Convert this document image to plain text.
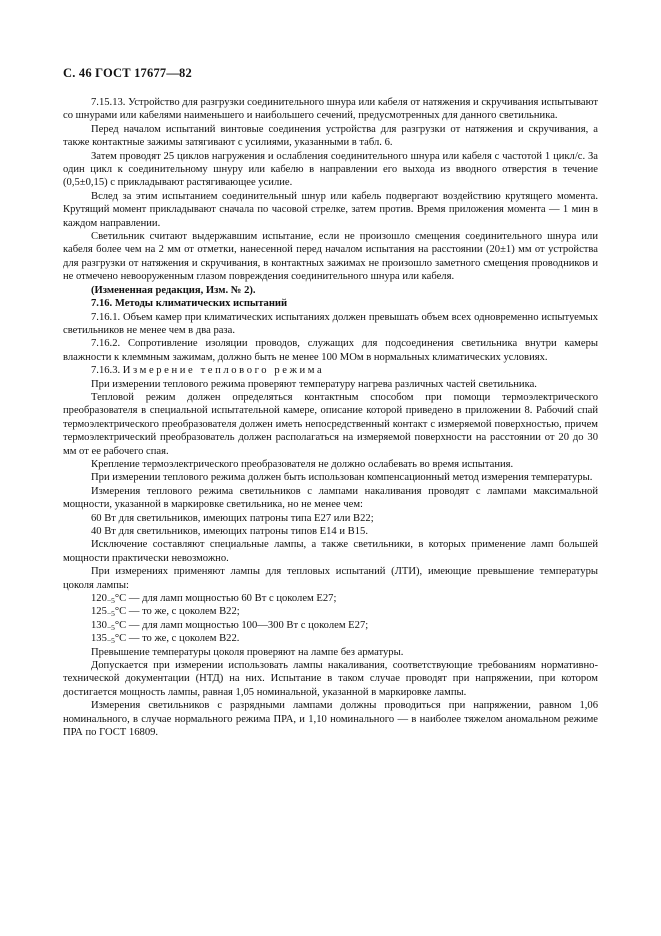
С. 46 ГОСТ 17677—82

7.15.13. Устройство для разгрузки соединительного шнура или кабеля от натяжения и скручивания испытывают со шнурами или кабелями наименьшего и наибольшего сечений, предусмотренных для данного светильника.

Перед началом испытаний винтовые соединения устройства для разгрузки от натяжения и скручивания, а также контактные зажимы затягивают с усилиями, указанными в табл. 6.

Затем проводят 25 циклов нагружения и ослабления соединительного шнура или кабеля с частотой 1 цикл/с. За один цикл к соединительному шнуру или кабелю в направлении его выхода из вводного отверстия в течение (0,5±0,15) с прикладывают растягивающее усилие.

Вслед за этим испытанием соединительный шнур или кабель подвергают воздействию крутящего момента. Крутящий момент прикладывают сначала по часовой стрелке, затем против. Время приложения момента — 1 мин в каждом направлении.

Светильник считают выдержавшим испытание, если не произошло смещения соединительного шнура или кабеля более чем на 2 мм от отметки, нанесенной перед началом испытания на расстоянии (20±1) мм от устройства для разгрузки от натяжения и скручивания, в контактных зажимах не произошло заметного смещения проводников и не отмечено невооруженным глазом повреждения соединительного шнура или кабеля.

(Измененная редакция, Изм. № 2).

7.16. Методы климатических испытаний

7.16.1. Объем камер при климатических испытаниях должен превышать объем всех одновременно испытуемых светильников не менее чем в два раза.

7.16.2. Сопротивление изоляции проводов, служащих для подсоединения светильника внутри камеры влажности к клеммным зажимам, должно быть не менее 100 МОм в нормальных климатических условиях.

7.16.3. Измерение теплового режима

При измерении теплового режима проверяют температуру нагрева различных частей светильника.

Тепловой режим должен определяться контактным способом при помощи термоэлектрического преобразователя в специальной испытательной камере, описание которой приведено в приложении 8. Рабочий спай термоэлектрического преобразователя должен иметь непосредственный контакт с измеряемой поверхностью, причем термоэлектрический преобразователь должен располагаться на измеряемой поверхности на расстоянии от 20 до 30 мм от ее рабочего спая.

Крепление термоэлектрического преобразователя не должно ослабевать во время испытания.

При измерении теплового режима должен быть использован компенсационный метод измерения температуры.

Измерения теплового режима светильников с лампами накаливания проводят с лампами максимальной мощности, указанной в маркировке светильника, но не менее чем:

60 Вт для светильников, имеющих патроны типа Е27 или В22;

40 Вт для светильников, имеющих патроны типов Е14 и В15.

Исключение составляют специальные лампы, а также светильники, в которых применение ламп большей мощности практически невозможно.

При измерениях применяют лампы для тепловых испытаний (ЛТИ), имеющие превышение температуры цоколя лампы:

$120_{-5}^\circ С$ — для ламп мощностью 60 Вт с цоколем Е27;

$125_{-5}^\circ С$ — то же, с цоколем В22;

$130_{-5}^\circ С$ — для ламп мощностью 100—300 Вт с цоколем Е27;

$135_{-5}^\circ С$ — то же, с цоколем В22.

Превышение температуры цоколя проверяют на лампе без арматуры.

Допускается при измерении использовать лампы накаливания, соответствующие требованиям нормативно-технической документации (НТД) на них. Испытание в таком случае проводят при напряжении, при котором достигается мощность лампы, равная 1,05 номинальной, указанной в маркировке лампы.

Измерения светильников с разрядными лампами должны проводиться при напряжении, равном 1,06 номинального, в случае нормального режима ПРА, и 1,10 номинального — в наиболее тяжелом аномальном режиме ПРА по ГОСТ 16809.
